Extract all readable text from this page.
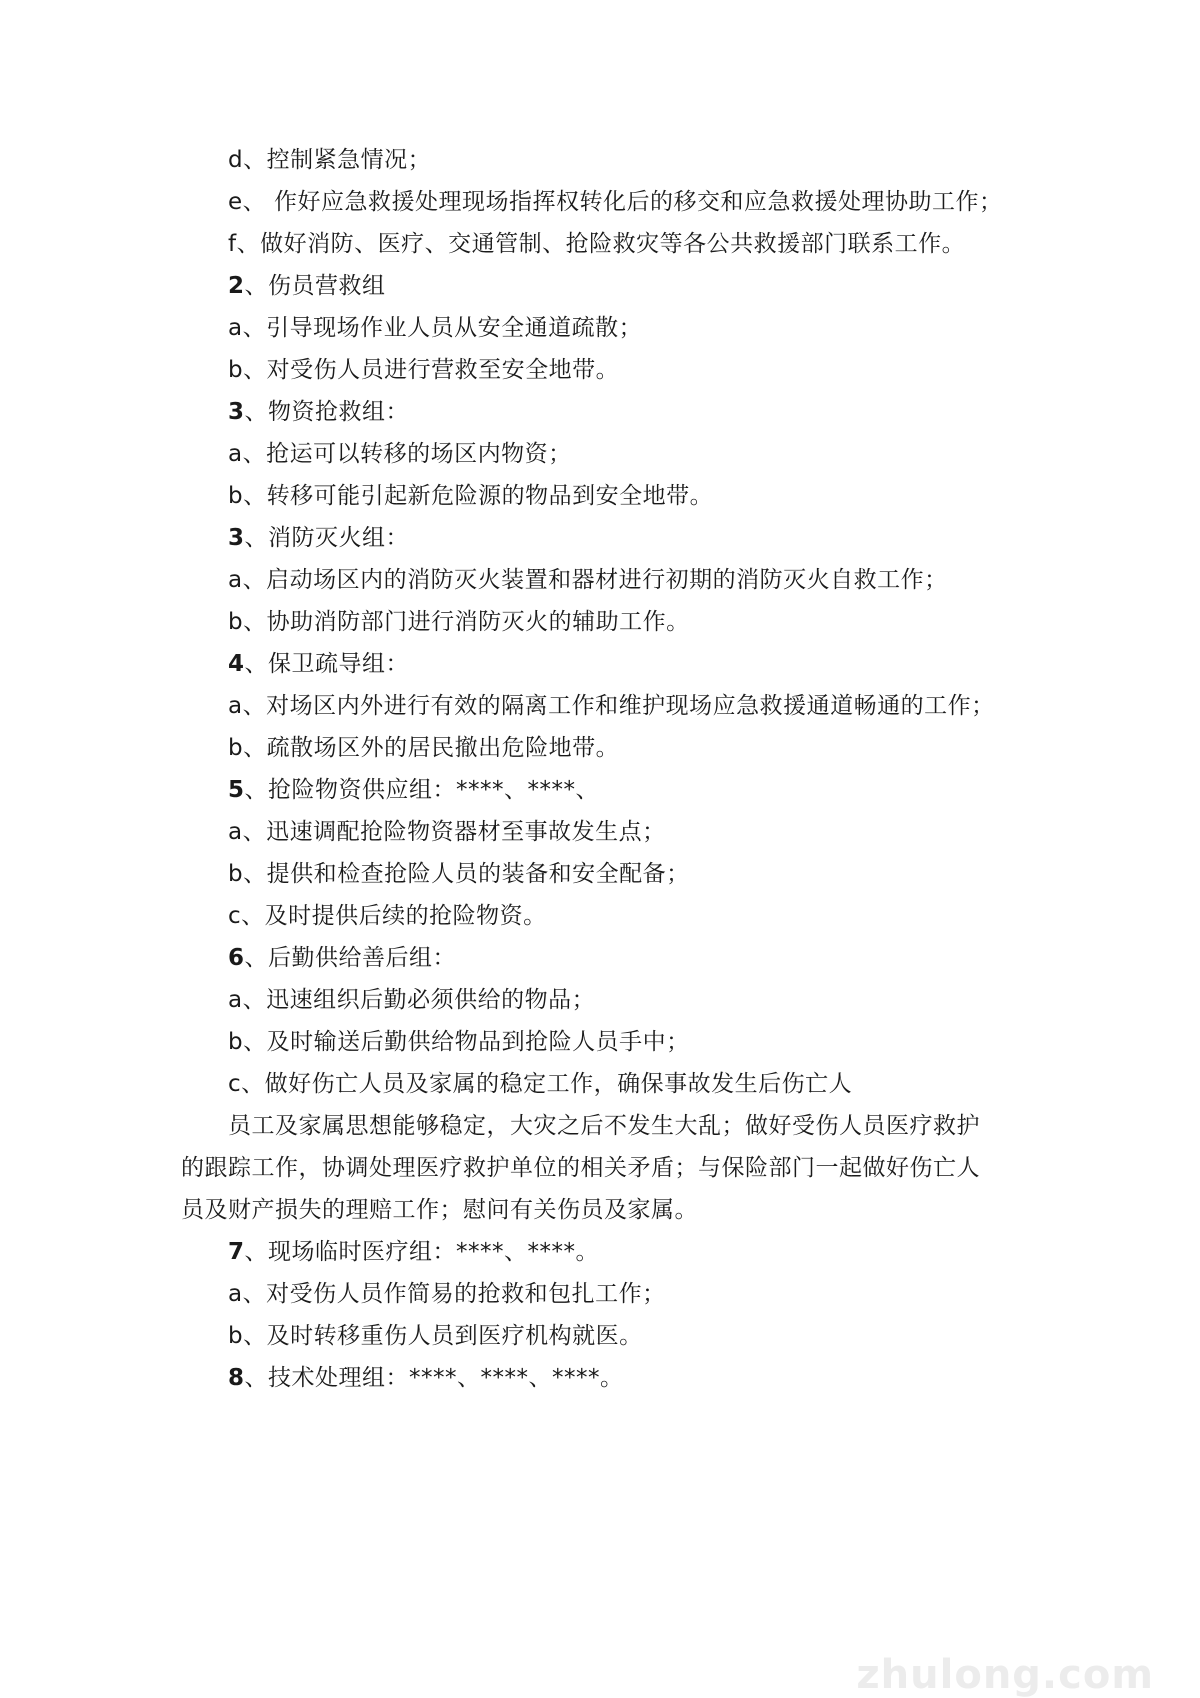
d、控制紧急情况；
e、 作好应急救援处理现场指挥权转化后的移交和应急救援处理协助工作；
f、做好消防、医疗、交通管制、抢险救灾等各公共救援部门联系工作。
2、伤员营救组
a、引导现场作业人员从安全通道疏散；
b、对受伤人员进行营救至安全地带。
3、物资抢救组：
a、抢运可以转移的场区内物资；
b、转移可能引起新危险源的物品到安全地带。
3、消防灭火组：
a、启动场区内的消防灭火装置和器材进行初期的消防灭火自救工作；
b、协助消防部门进行消防灭火的辅助工作。
4、保卫疏导组：
a、对场区内外进行有效的隔离工作和维护现场应急救援通道畅通的工作；
b、疏散场区外的居民撤出危险地带。
5、抢险物资供应组：****、****、
a、迅速调配抢险物资器材至事故发生点；
b、提供和检查抢险人员的装备和安全配备；
c、及时提供后续的抢险物资。
6、后勤供给善后组：
a、迅速组织后勤必须供给的物品；
b、及时输送后勤供给物品到抢险人员手中；
c、做好伤亡人员及家属的稳定工作，确保事故发生后伤亡人
员工及家属思想能够稳定，大灾之后不发生大乱；做好受伤人员医疗救护
的跟踪工作，协调处理医疗救护单位的相关矛盾；与保险部门一起做好伤亡人
员及财产损失的理赔工作；慰问有关伤员及家属。
7、现场临时医疗组：****、****。
a、对受伤人员作简易的抢救和包扎工作；
b、及时转移重伤人员到医疗机构就医。
8、技术处理组：****、****、****。
zhulong.com
